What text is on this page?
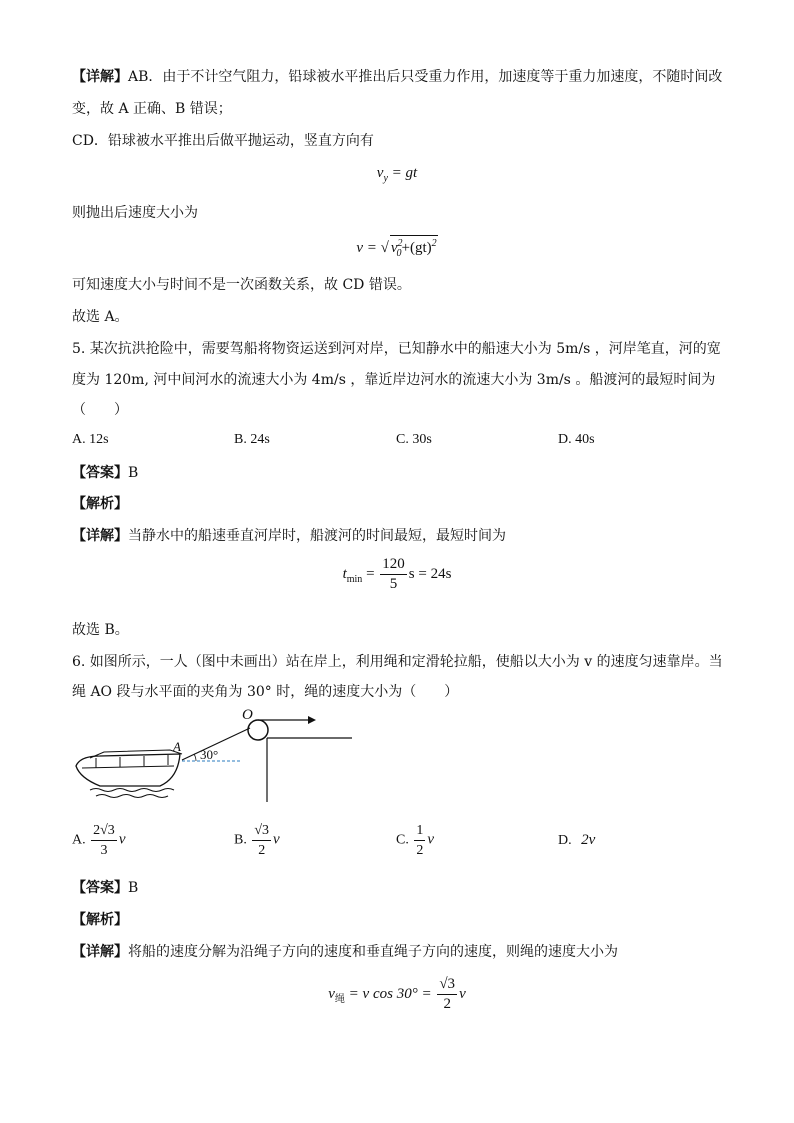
【详解】AB．由于不计空气阻力，铅球被水平推出后只受重力作用，加速度等于重力加速度，不随时间改
变，故 A 正确、B 错误；
CD．铅球被水平推出后做平抛运动，竖直方向有
$v_y$ = gt
则抛出后速度大小为
v = √ $v^2_0+(gt)^2$
可知速度大小与时间不是一次函数关系，故 CD 错误。
故选 A。
5. 某次抗洪抢险中，需要驾船将物资运送到河对岸，已知静水中的船速大小为 5m/s ，河岸笔直，河的宽
度为 120m, 河中间河水的流速大小为 4m/s ，靠近岸边河水的流速大小为 3m/s 。船渡河的最短时间为
（　　）
A. 12s	B. 24s	C. 30s	D. 40s
【答案】B
【解析】
【详解】当静水中的船速垂直河岸时，船渡河的时间最短，最短时间为
$t_{min} = \frac{120}{5}$ s = 24s
故选 B。
6. 如图所示，一人（图中未画出）站在岸上，利用绳和定滑轮拉船，使船以大小为 v 的速度匀速靠岸。当
绳 AO 段与水平面的夹角为 30° 时，绳的速度大小为（　　）
O
A
30°
A. $\frac{2√3}{3}$ v	B. $\frac{√3}{2}$ v	C. $\frac{1}{2}$ v	D. 2v
【答案】B
【解析】
【详解】将船的速度分解为沿绳子方向的速度和垂直绳子方向的速度，则绳的速度大小为
$v_绳 = v$ $\cos 30^\circ = \frac{√3}{2}$ v
